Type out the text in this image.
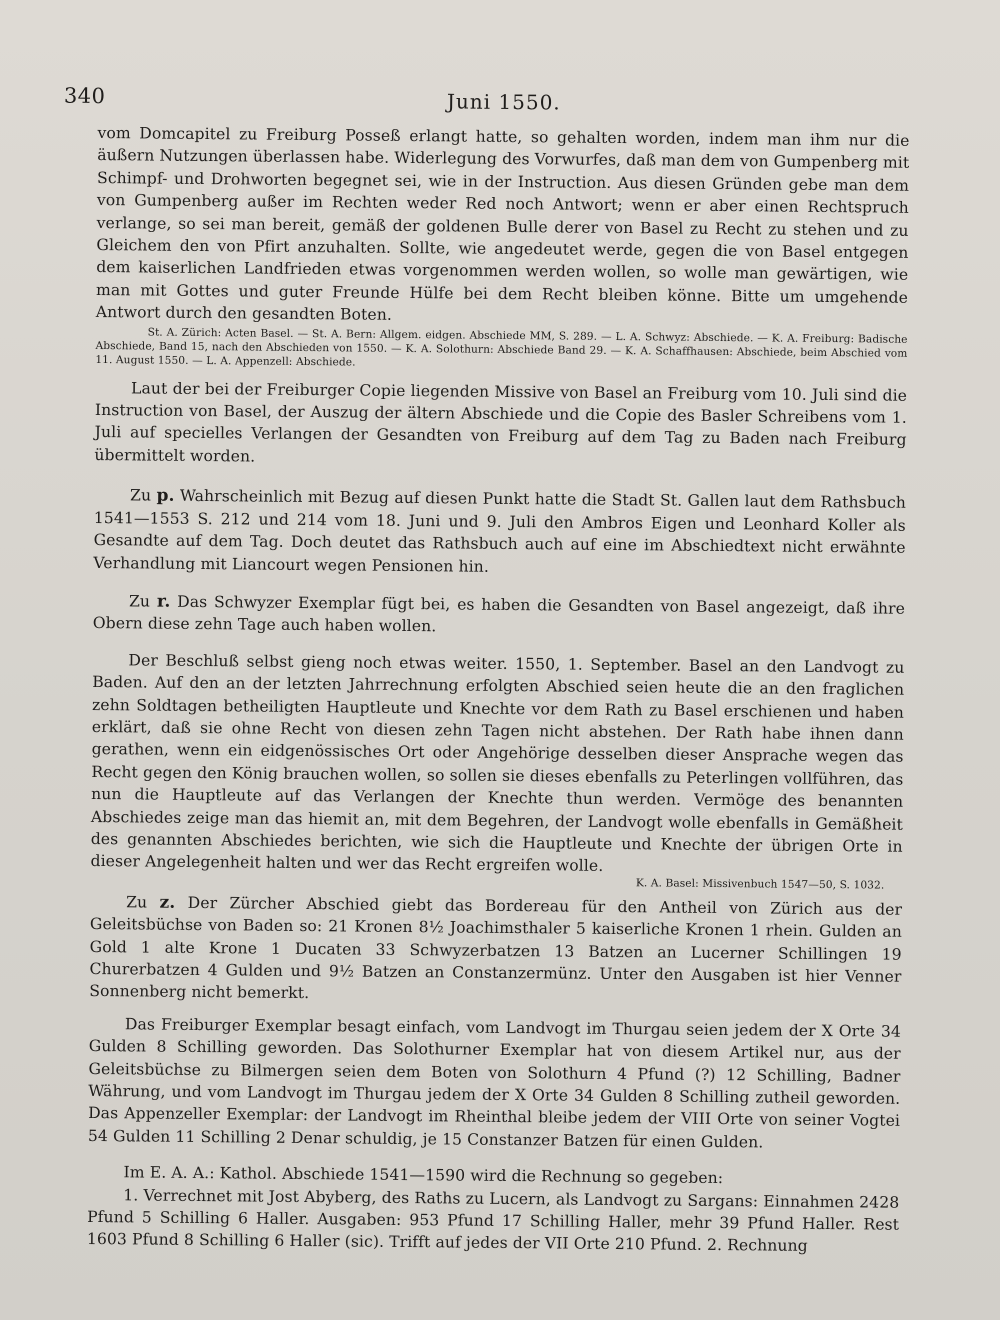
340	Juni 1550.

vom Domcapitel zu Freiburg Posseß erlangt hatte, so gehalten worden, indem man ihm nur die äußern Nutzungen überlassen habe. Widerlegung des Vorwurfes, daß man dem von Gumpenberg mit Schimpf- und Drohworten begegnet sei, wie in der Instruction. Aus diesen Gründen gebe man dem von Gumpenberg außer im Rechten weder Red noch Antwort; wenn er aber einen Rechtspruch verlange, so sei man bereit, gemäß der goldenen Bulle derer von Basel zu Recht zu stehen und zu Gleichem den von Pfirt anzuhalten. Sollte, wie angedeutet werde, gegen die von Basel entgegen dem kaiserlichen Landfrieden etwas vorgenommen werden wollen, so wolle man gewärtigen, wie man mit Gottes und guter Freunde Hülfe bei dem Recht bleiben könne. Bitte um umgehende Antwort durch den gesandten Boten.

St. A. Zürich: Acten Basel. — St. A. Bern: Allgem. eidgen. Abschiede MM, S. 289. — L. A. Schwyz: Abschiede. — K. A. Freiburg: Badische Abschiede, Band 15, nach den Abschieden von 1550. — K. A. Solothurn: Abschiede Band 29. — K. A. Schaffhausen: Abschiede, beim Abschied vom 11. August 1550. — L. A. Appenzell: Abschiede.

Laut der bei der Freiburger Copie liegenden Missive von Basel an Freiburg vom 10. Juli sind die Instruction von Basel, der Auszug der ältern Abschiede und die Copie des Basler Schreibens vom 1. Juli auf specielles Verlangen der Gesandten von Freiburg auf dem Tag zu Baden nach Freiburg übermittelt worden.

Zu p. Wahrscheinlich mit Bezug auf diesen Punkt hatte die Stadt St. Gallen laut dem Rathsbuch 1541—1553 S. 212 und 214 vom 18. Juni und 9. Juli den Ambros Eigen und Leonhard Koller als Gesandte auf dem Tag. Doch deutet das Rathsbuch auch auf eine im Abschiedtext nicht erwähnte Verhandlung mit Liancourt wegen Pensionen hin.

Zu r. Das Schwyzer Exemplar fügt bei, es haben die Gesandten von Basel angezeigt, daß ihre Obern diese zehn Tage auch haben wollen.

Der Beschluß selbst gieng noch etwas weiter. 1550, 1. September. Basel an den Landvogt zu Baden. Auf den an der letzten Jahrrechnung erfolgten Abschied seien heute die an den fraglichen zehn Soldtagen betheiligten Hauptleute und Knechte vor dem Rath zu Basel erschienen und haben erklärt, daß sie ohne Recht von diesen zehn Tagen nicht abstehen. Der Rath habe ihnen dann gerathen, wenn ein eidgenössisches Ort oder Angehörige desselben dieser Ansprache wegen das Recht gegen den König brauchen wollen, so sollen sie dieses ebenfalls zu Peterlingen vollführen, das nun die Hauptleute auf das Verlangen der Knechte thun werden. Vermöge des benannten Abschiedes zeige man das hiemit an, mit dem Begehren, der Landvogt wolle ebenfalls in Gemäßheit des genannten Abschiedes berichten, wie sich die Hauptleute und Knechte der übrigen Orte in dieser Angelegenheit halten und wer das Recht ergreifen wolle.

K. A. Basel: Missivenbuch 1547—50, S. 1032.

Zu z. Der Zürcher Abschied giebt das Bordereau für den Antheil von Zürich aus der Geleitsbüchse von Baden so: 21 Kronen 8½ Joachimsthaler 5 kaiserliche Kronen 1 rhein. Gulden an Gold 1 alte Krone 1 Ducaten 33 Schwyzerbatzen 13 Batzen an Lucerner Schillingen 19 Churerbatzen 4 Gulden und 9½ Batzen an Constanzermünz. Unter den Ausgaben ist hier Venner Sonnenberg nicht bemerkt.

Das Freiburger Exemplar besagt einfach, vom Landvogt im Thurgau seien jedem der X Orte 34 Gulden 8 Schilling geworden. Das Solothurner Exemplar hat von diesem Artikel nur, aus der Geleitsbüchse zu Bilmergen seien dem Boten von Solothurn 4 Pfund (?) 12 Schilling, Badner Währung, und vom Landvogt im Thurgau jedem der X Orte 34 Gulden 8 Schilling zutheil geworden. Das Appenzeller Exemplar: der Landvogt im Rheinthal bleibe jedem der VIII Orte von seiner Vogtei 54 Gulden 11 Schilling 2 Denar schuldig, je 15 Constanzer Batzen für einen Gulden.

Im E. A. A.: Kathol. Abschiede 1541—1590 wird die Rechnung so gegeben:

1. Verrechnet mit Jost Abyberg, des Raths zu Lucern, als Landvogt zu Sargans: Einnahmen 2428 Pfund 5 Schilling 6 Haller. Ausgaben: 953 Pfund 17 Schilling Haller, mehr 39 Pfund Haller. Rest 1603 Pfund 8 Schilling 6 Haller (sic). Trifft auf jedes der VII Orte 210 Pfund. 2. Rechnung
